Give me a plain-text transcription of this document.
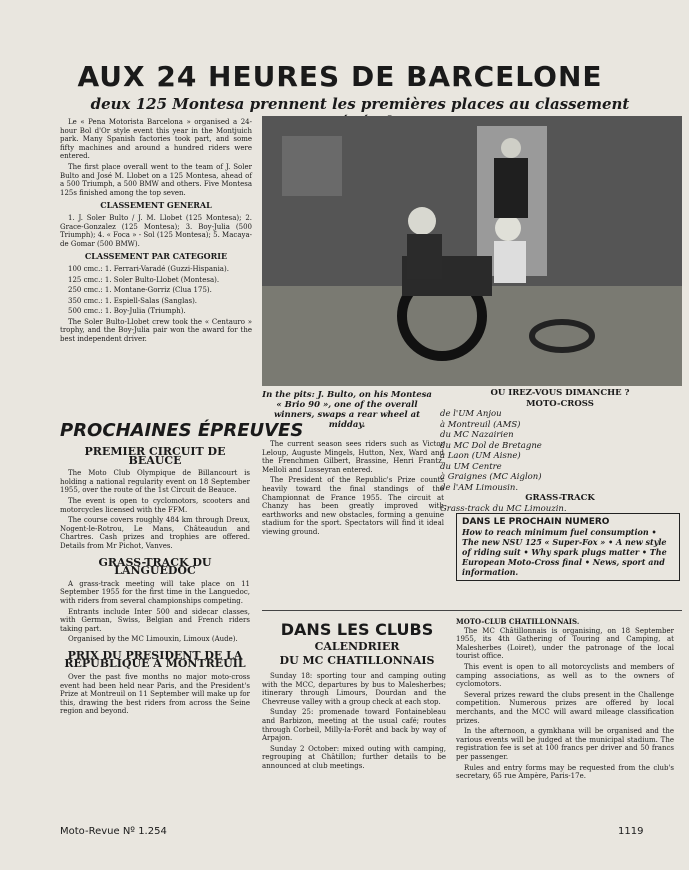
AUX 24 HEURES DE BARCELONE
deux 125 Montesa prennent les premières places au classement

Le « Pena Motorista Barcelona » organised a 24-hour Bol d'Or style event this year in the Montjuich park. Many Spanish factories took part, and some fifty machines and around a hundred riders were entered.

The first place overall went to the team of J. Soler Bulto and José M. Llobet on a 125 Montesa, ahead of a 500 Triumph, a 500 BMW and others. Five Montesa 125s finished among the top seven.

CLASSEMENT GENERAL

1. J. Soler Bulto / J. M. Llobet (125 Montesa); 2. Grace-Gonzalez (125 Montesa); 3. Boy-Julia (500 Triumph); 4. « Foca » - Sol (125 Montesa); 5. Macaya-de Gomar (500 BMW).

CLASSEMENT PAR CATEGORIE

100 cmc.: 1. Ferrari-Varadé (Guzzi-Hispania).

125 cmc.: 1. Soler Bulto-Llobet (Montesa).

250 cmc.: 1. Montane-Gorriz (Clua 175).

350 cmc.: 1. Espiell-Salas (Sanglas).

500 cmc.: 1. Boy-Julia (Triumph).

The Soler Bulto-Llobet crew took the « Centauro » trophy, and the Boy-Julia pair won the award for the best independent driver.

In the pits: J. Bulto, on his Montesa « Brio 90 », one of the overall winners, swaps a rear wheel at midday.
OU IREZ-VOUS DIMANCHE ?
MOTO-CROSS
de l'UM Anjou
à Montreuil (AMS)
du MC Nazairien
du MC Dol de Bretagne
à Laon (UM Aisne)
du UM Centre
à Graignes (MC Aiglon)
de l'AM Limousin.
GRASS-TRACK
Grass-track du MC Limouzin.
DANS LE PROCHAIN NUMERO
How to reach minimum fuel consumption • The new NSU 125 « Super-Fox » • A new style of riding suit • Why spark plugs matter • The European Moto-Cross final • News, sport and information.
PROCHAINES ÉPREUVES
PREMIER CIRCUIT DE BEAUCE

The Moto Club Olympique de Billancourt is holding a national regularity event on 18 September 1955, over the route of the 1st Circuit de Beauce.

The event is open to cyclomotors, scooters and motorcycles licensed with the FFM.

The course covers roughly 484 km through Dreux, Nogent-le-Rotrou, Le Mans, Châteaudun and Chartres. Cash prizes and trophies are offered. Details from Mr Pichot, Vanves.

GRASS-TRACK DU LANGUEDOC

A grass-track meeting will take place on 11 September 1955 for the first time in the Languedoc, with riders from several championships competing.

Entrants include Inter 500 and sidecar classes, with German, Swiss, Belgian and French riders taking part.

Organised by the MC Limouxin, Limoux (Aude).

PRIX DU PRESIDENT DE LA REPUBLIQUE A MONTREUIL

Over the past five months no major moto-cross event had been held near Paris, and the President's Prize at Montreuil on 11 September will make up for this, drawing the best riders from across the Seine region and beyond.

The current season sees riders such as Victor Leloup, Auguste Mingels, Hutton, Nex, Ward and the Frenchmen Gilbert, Brassine, Henri Frantz, Melloli and Lusseyran entered.

The President of the Republic's Prize counts heavily toward the final standings of the Championnat de France 1955. The circuit at Chanzy has been greatly improved with earthworks and new obstacles, forming a genuine stadium for the sport. Spectators will find it ideal viewing ground.

DANS LES CLUBS
CALENDRIER
DU MC CHATILLONNAIS

Sunday 18: sporting tour and camping outing with the MCC, departures by bus to Malesherbes; itinerary through Limours, Dourdan and the Chevreuse valley with a group check at each stop.

Sunday 25: promenade toward Fontainebleau and Barbizon, meeting at the usual café; routes through Corbeil, Milly-la-Forêt and back by way of Arpajon.

Sunday 2 October: mixed outing with camping, regrouping at Châtillon; further details to be announced at club meetings.

MOTO-CLUB CHATILLONNAIS.

The MC Châtillonnais is organising, on 18 September 1955, its 4th Gathering of Touring and Camping, at Malesherbes (Loiret), under the patronage of the local tourist office.

This event is open to all motorcyclists and members of camping associations, as well as to the owners of cyclomotors.

Several prizes reward the clubs present in the Challenge competition. Numerous prizes are offered by local merchants, and the MCC will award mileage classification prizes.

In the afternoon, a gymkhana will be organised and the various events will be judged at the municipal stadium. The registration fee is set at 100 francs per driver and 50 francs per passenger.

Rules and entry forms may be requested from the club's secretary, 65 rue Ampère, Paris-17e.

Moto-Revue Nº 1.254	1119
